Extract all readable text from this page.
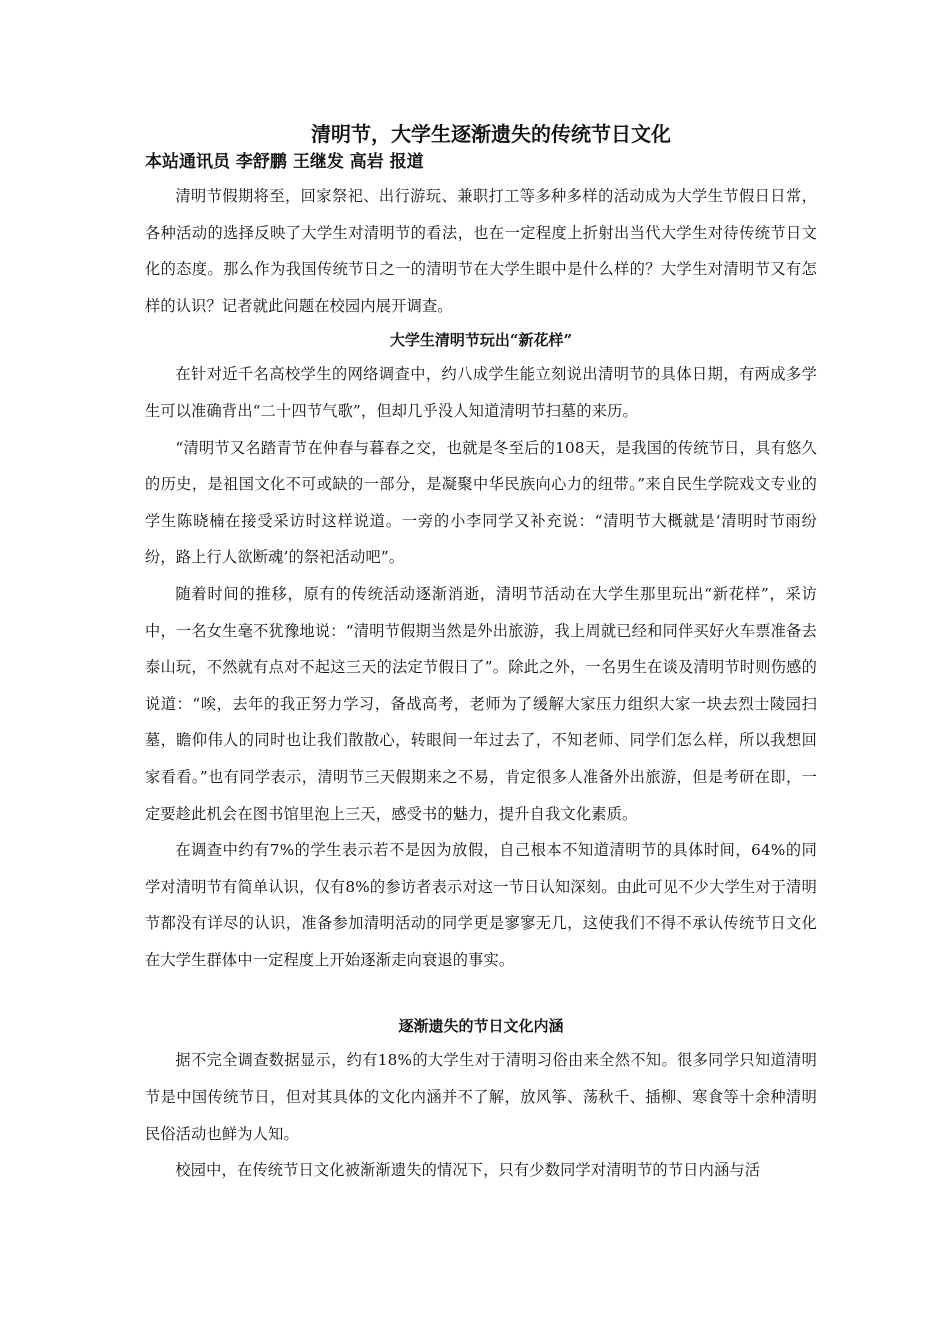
清明节，大学生逐渐遗失的传统节日文化

本站通讯员 李舒鹏 王继发 高岩 报道

清明节假期将至，回家祭祀、出行游玩、兼职打工等多种多样的活动成为大学生节假日日常，各种活动的选择反映了大学生对清明节的看法，也在一定程度上折射出当代大学生对待传统节日文化的态度。那么作为我国传统节日之一的清明节在大学生眼中是什么样的？大学生对清明节又有怎样的认识？记者就此问题在校园内展开调查。

大学生清明节玩出“新花样”

在针对近千名高校学生的网络调查中，约八成学生能立刻说出清明节的具体日期，有两成多学生可以准确背出“二十四节气歌”，但却几乎没人知道清明节扫墓的来历。

“清明节又名踏青节在仲春与暮春之交，也就是冬至后的108天，是我国的传统节日，具有悠久的历史，是祖国文化不可或缺的一部分，是凝聚中华民族向心力的纽带。”来自民生学院戏文专业的学生陈晓楠在接受采访时这样说道。一旁的小李同学又补充说：“清明节大概就是‘清明时节雨纷纷，路上行人欲断魂’的祭祀活动吧”。

随着时间的推移，原有的传统活动逐渐消逝，清明节活动在大学生那里玩出“新花样”，采访中，一名女生毫不犹豫地说：“清明节假期当然是外出旅游，我上周就已经和同伴买好火车票准备去泰山玩，不然就有点对不起这三天的法定节假日了”。除此之外，一名男生在谈及清明节时则伤感的说道：“唉，去年的我正努力学习，备战高考，老师为了缓解大家压力组织大家一块去烈士陵园扫墓，瞻仰伟人的同时也让我们散散心，转眼间一年过去了，不知老师、同学们怎么样，所以我想回家看看。”也有同学表示，清明节三天假期来之不易，肯定很多人准备外出旅游，但是考研在即，一定要趁此机会在图书馆里泡上三天，感受书的魅力，提升自我文化素质。

在调查中约有7%的学生表示若不是因为放假，自己根本不知道清明节的具体时间，64%的同学对清明节有简单认识，仅有8%的参访者表示对这一节日认知深刻。由此可见不少大学生对于清明节都没有详尽的认识，准备参加清明活动的同学更是寥寥无几，这使我们不得不承认传统节日文化在大学生群体中一定程度上开始逐渐走向衰退的事实。

逐渐遗失的节日文化内涵

据不完全调查数据显示，约有18%的大学生对于清明习俗由来全然不知。很多同学只知道清明节是中国传统节日，但对其具体的文化内涵并不了解，放风筝、荡秋千、插柳、寒食等十余种清明民俗活动也鲜为人知。

校园中，在传统节日文化被渐渐遗失的情况下，只有少数同学对清明节的节日内涵与活
